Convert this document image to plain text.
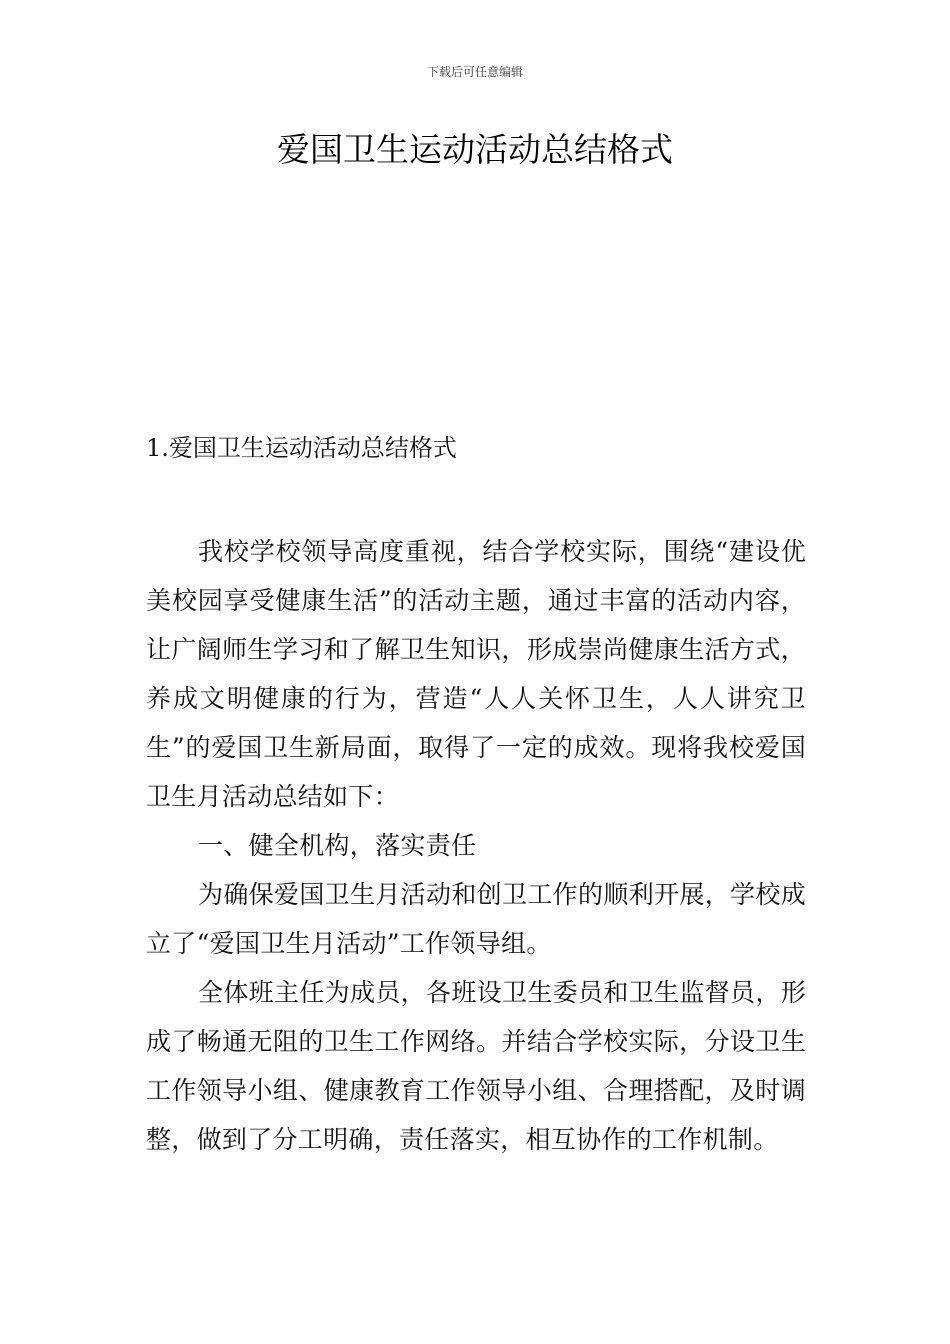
下载后可任意编辑
爱国卫生运动活动总结格式
1.爱国卫生运动活动总结格式

我校学校领导高度重视，结合学校实际，围绕“建设优美校园享受健康生活”的活动主题，通过丰富的活动内容，让广阔师生学习和了解卫生知识，形成崇尚健康生活方式，养成文明健康的行为，营造“人人关怀卫生，人人讲究卫生”的爱国卫生新局面，取得了一定的成效。现将我校爱国卫生月活动总结如下：

一、健全机构，落实责任

为确保爱国卫生月活动和创卫工作的顺利开展，学校成立了“爱国卫生月活动”工作领导组。

全体班主任为成员，各班设卫生委员和卫生监督员，形成了畅通无阻的卫生工作网络。并结合学校实际，分设卫生工作领导小组、健康教育工作领导小组、合理搭配，及时调整，做到了分工明确，责任落实，相互协作的工作机制。
